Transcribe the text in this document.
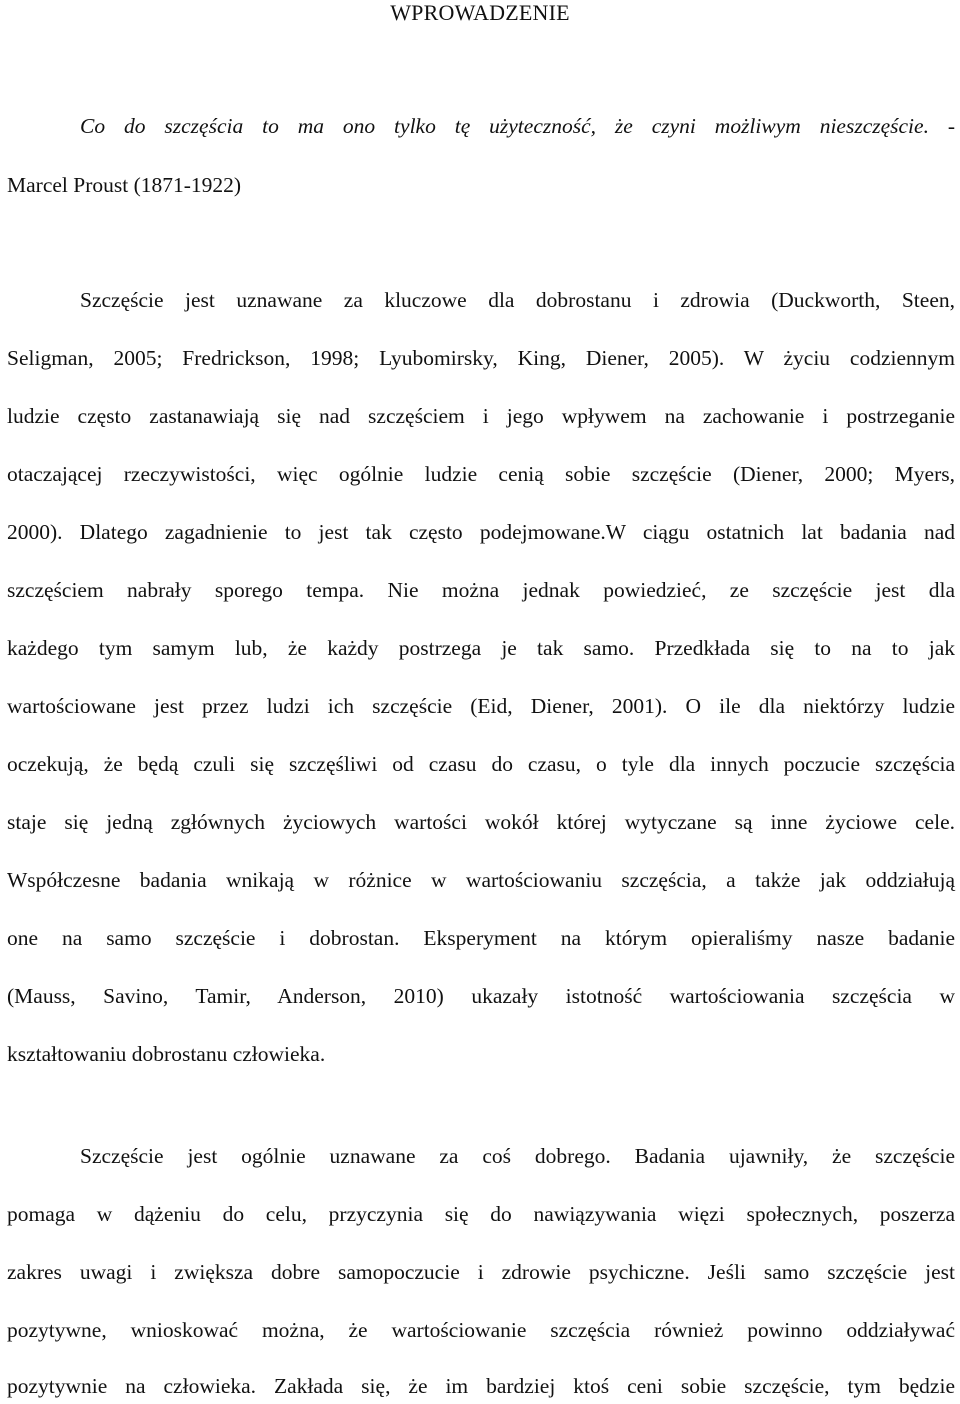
WPROWADZENIE
Co do szczęścia to ma ono tylko tę użyteczność, że czyni możliwym nieszczęście. -
Marcel Proust (1871-1922)
Szczęście jest uznawane za kluczowe dla dobrostanu i zdrowia (Duckworth, Steen,
Seligman, 2005; Fredrickson, 1998; Lyubomirsky, King, Diener, 2005). W życiu codziennym
ludzie często zastanawiają się nad szczęściem i jego wpływem na zachowanie i postrzeganie
otaczającej rzeczywistości, więc ogólnie ludzie cenią sobie szczęście (Diener, 2000; Myers,
2000). Dlatego zagadnienie to jest tak często podejmowane.W ciągu ostatnich lat badania nad
szczęściem nabrały sporego tempa. Nie można jednak powiedzieć, ze szczęście jest dla
każdego tym samym lub, że każdy postrzega je tak samo. Przedkłada się to na to jak
wartościowane jest przez ludzi ich szczęście (Eid, Diener, 2001). O ile dla niektórzy ludzie
oczekują, że będą czuli się szczęśliwi od czasu do czasu, o tyle dla innych poczucie szczęścia
staje się jedną zgłównych życiowych wartości wokół której wytyczane są inne życiowe cele.
Współczesne badania wnikają w różnice w wartościowaniu szczęścia, a także jak oddziałują
one na samo szczęście i dobrostan. Eksperyment na którym opieraliśmy nasze badanie
(Mauss, Savino, Tamir, Anderson, 2010) ukazały istotność wartościowania szczęścia w
kształtowaniu dobrostanu człowieka.
Szczęście jest ogólnie uznawane za coś dobrego. Badania ujawniły, że szczęście
pomaga w dążeniu do celu, przyczynia się do nawiązywania więzi społecznych, poszerza
zakres uwagi i zwiększa dobre samopoczucie i zdrowie psychiczne. Jeśli samo szczęście jest
pozytywne, wnioskować można, że wartościowanie szczęścia również powinno oddziaływać
pozytywnie na człowieka. Zakłada się, że im bardziej ktoś ceni sobie szczęście, tym będzie
